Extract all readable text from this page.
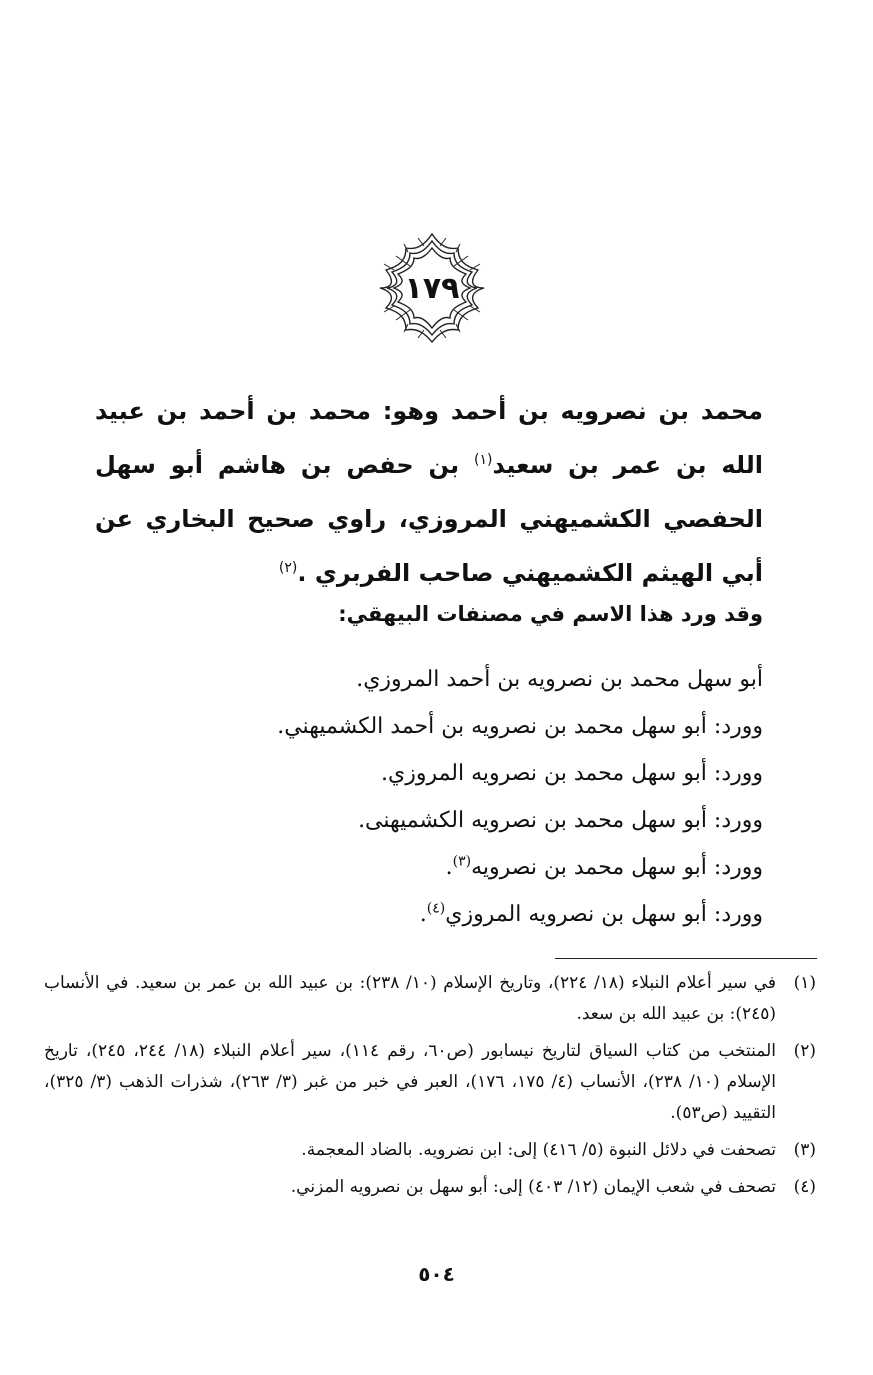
١٧٩

محمد بن نصرويه بن أحمد وهو: محمد بن أحمد بن عبيد الله بن عمر بن سعيد$^{(١)}$ بن حفص بن هاشم أبو سهل الحفصي الكشميهني المروزي، راوي صحيح البخاري عن أبي الهيثم الكشميهني صاحب الفربري .$^{(٢)}$

وقد ورد هذا الاسم في مصنفات البيهقي:
أبو سهل محمد بن نصرويه بن أحمد المروزي.
وورد: أبو سهل محمد بن نصرويه بن أحمد الكشميهني.
وورد: أبو سهل محمد بن نصرويه المروزي.
وورد: أبو سهل محمد بن نصرويه الكشميهنى.
وورد: أبو سهل محمد بن نصرويه$^{(٣)}$.
وورد: أبو سهل بن نصرويه المروزي$^{(٤)}$.
(١)
في سير أعلام النبلاء (١٨/ ٢٢٤)، وتاريخ الإسلام (١٠/ ٢٣٨): بن عبيد الله بن عمر بن سعيد. في الأنساب (٢٤٥): بن عبيد الله بن سعد.
(٢)
المنتخب من كتاب السياق لتاريخ نيسابور (ص٦٠، رقم ١١٤)، سير أعلام النبلاء (١٨/ ٢٤٤، ٢٤٥)، تاريخ الإسلام (١٠/ ٢٣٨)، الأنساب (٤/ ١٧٥، ١٧٦)، العبر في خبر من غبر (٣/ ٢٦٣)، شذرات الذهب (٣/ ٣٢٥)، التقييد (ص٥٣).
(٣)
تصحفت في دلائل النبوة (٥/ ٤١٦) إلى: ابن نضرويه. بالضاد المعجمة.
(٤)
تصحف في شعب الإيمان (١٢/ ٤٠٣) إلى: أبو سهل بن نصرويه المزني.
٥٠٤
